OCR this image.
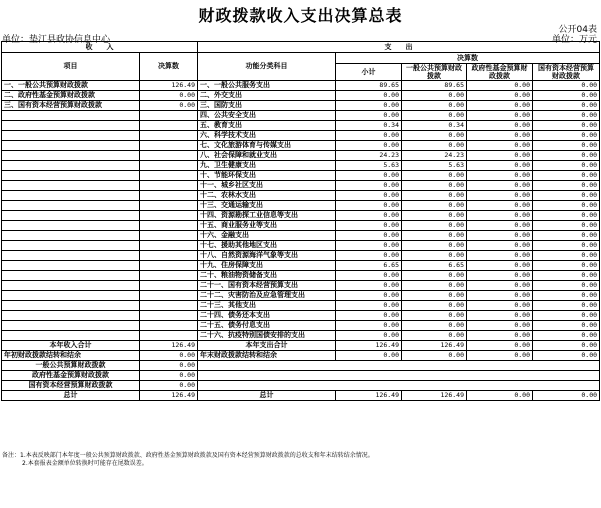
财政拨款收入支出决算总表
公开04表
单位：垫江县政协信息中心	单位：万元
收　　入		支　　出				
项目	决算数	功能分类科目	决算数			
			小计	一般公共预算财政拨款	政府性基金预算财政拨款	国有资本经营预算财政拨款

一、一般公共预算财政拨款	126.49	一、一般公共服务支出	89.65	89.65	0.00	0.00
二、政府性基金预算财政拨款	0.00	二、外交支出	0.00	0.00	0.00	0.00
三、国有资本经营预算财政拨款	0.00	三、国防支出	0.00	0.00	0.00	0.00
		四、公共安全支出	0.00	0.00	0.00	0.00
		五、教育支出	0.34	0.34	0.00	0.00
		六、科学技术支出	0.00	0.00	0.00	0.00
		七、文化旅游体育与传媒支出	0.00	0.00	0.00	0.00
		八、社会保障和就业支出	24.23	24.23	0.00	0.00
		九、卫生健康支出	5.63	5.63	0.00	0.00
		十、节能环保支出	0.00	0.00	0.00	0.00
		十一、城乡社区支出	0.00	0.00	0.00	0.00
		十二、农林水支出	0.00	0.00	0.00	0.00
		十三、交通运输支出	0.00	0.00	0.00	0.00
		十四、资源勘探工业信息等支出	0.00	0.00	0.00	0.00
		十五、商业服务业等支出	0.00	0.00	0.00	0.00
		十六、金融支出	0.00	0.00	0.00	0.00
		十七、援助其他地区支出	0.00	0.00	0.00	0.00
		十八、自然资源海洋气象等支出	0.00	0.00	0.00	0.00
		十九、住房保障支出	6.65	6.65	0.00	0.00
		二十、粮油物资储备支出	0.00	0.00	0.00	0.00
		二十一、国有资本经营预算支出	0.00	0.00	0.00	0.00
		二十二、灾害防治及应急管理支出	0.00	0.00	0.00	0.00
		二十三、其他支出	0.00	0.00	0.00	0.00
		二十四、债务还本支出	0.00	0.00	0.00	0.00
		二十五、债务付息支出	0.00	0.00	0.00	0.00
		二十六、抗疫特别国债安排的支出	0.00	0.00	0.00	0.00
本年收入合计	126.49	本年支出合计	126.49	126.49	0.00	0.00
年初财政拨款结转和结余	0.00	年末财政拨款结转和结余	0.00	0.00	0.00	0.00
一般公共预算财政拨款	0.00					
政府性基金预算财政拨款	0.00					
国有资本经营预算财政拨款	0.00					
总计	126.49	总计	126.49	126.49	0.00	0.00
备注：1.本表反映部门本年度一般公共预算财政拨款、政府性基金预算财政拨款及国有资本经营预算财政拨款的总收支和年末结转结余情况。
2.本套报表金额单位转换时可能存在尾数误差。
